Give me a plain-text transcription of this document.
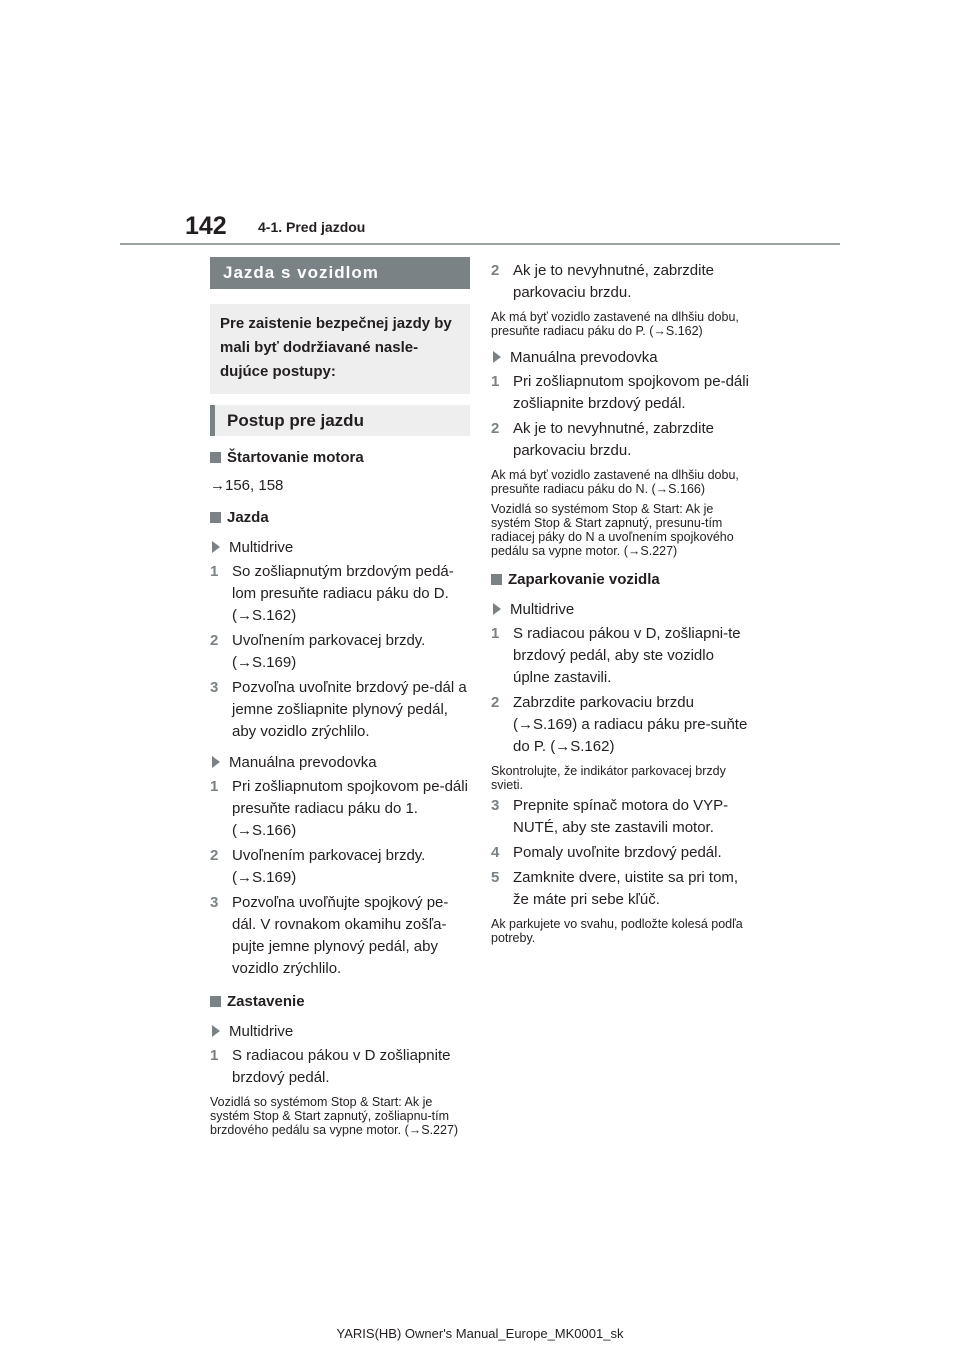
142 4-1. Pred jazdou
Jazda s vozidlom
Pre zaistenie bezpečnej jazdy by mali byť dodržiavané nasle-dujúce postupy:
Postup pre jazdu
Štartovanie motora
→156, 158
Jazda
Multidrive
1 So zošliapnutým brzdovým pedá-lom presuňte radiacu páku do D. (→S.162)
2 Uvoľnením parkovacej brzdy. (→S.169)
3 Pozvoľna uvoľnite brzdový pe-dál a jemne zošliapnite plynový pedál, aby vozidlo zrýchlilo.
Manuálna prevodovka
1 Pri zošliapnutom spojkovom pe-dáli presuňte radiacu páku do 1. (→S.166)
2 Uvoľnením parkovacej brzdy. (→S.169)
3 Pozvoľna uvoľňujte spojkový pe-dál. V rovnakom okamihu zošľa-pujte jemne plynový pedál, aby vozidlo zrýchlilo.
Zastavenie
Multidrive
1 S radiacou pákou v D zošliapnite brzdový pedál.
Vozidlá so systémom Stop & Start: Ak je systém Stop & Start zapnutý, zošliapnu-tím brzdového pedálu sa vypne motor. (→S.227)
2 Ak je to nevyhnutné, zabrzdite parkovaciu brzdu.
Ak má byť vozidlo zastavené na dlhšiu dobu, presuňte radiacu páku do P. (→S.162)
Manuálna prevodovka
1 Pri zošliapnutom spojkovom pe-dáli zošliapnite brzdový pedál.
2 Ak je to nevyhnutné, zabrzdite parkovaciu brzdu.
Ak má byť vozidlo zastavené na dlhšiu dobu, presuňte radiacu páku do N. (→S.166)
Vozidlá so systémom Stop & Start: Ak je systém Stop & Start zapnutý, presunu-tím radiacej páky do N a uvoľnením spojkového pedálu sa vypne motor. (→S.227)
Zaparkovanie vozidla
Multidrive
1 S radiacou pákou v D, zošliapni-te brzdový pedál, aby ste vozidlo úplne zastavili.
2 Zabrzdite parkovaciu brzdu (→S.169) a radiacu páku pre-suňte do P. (→S.162)
Skontrolujte, že indikátor parkovacej brzdy svieti.
3 Prepnite spínač motora do VYP-NUTÉ, aby ste zastavili motor.
4 Pomaly uvoľnite brzdový pedál.
5 Zamknite dvere, uistite sa pri tom, že máte pri sebe kľúč.
Ak parkujete vo svahu, podložte kolesá podľa potreby.
YARIS(HB) Owner's Manual_Europe_MK0001_sk
